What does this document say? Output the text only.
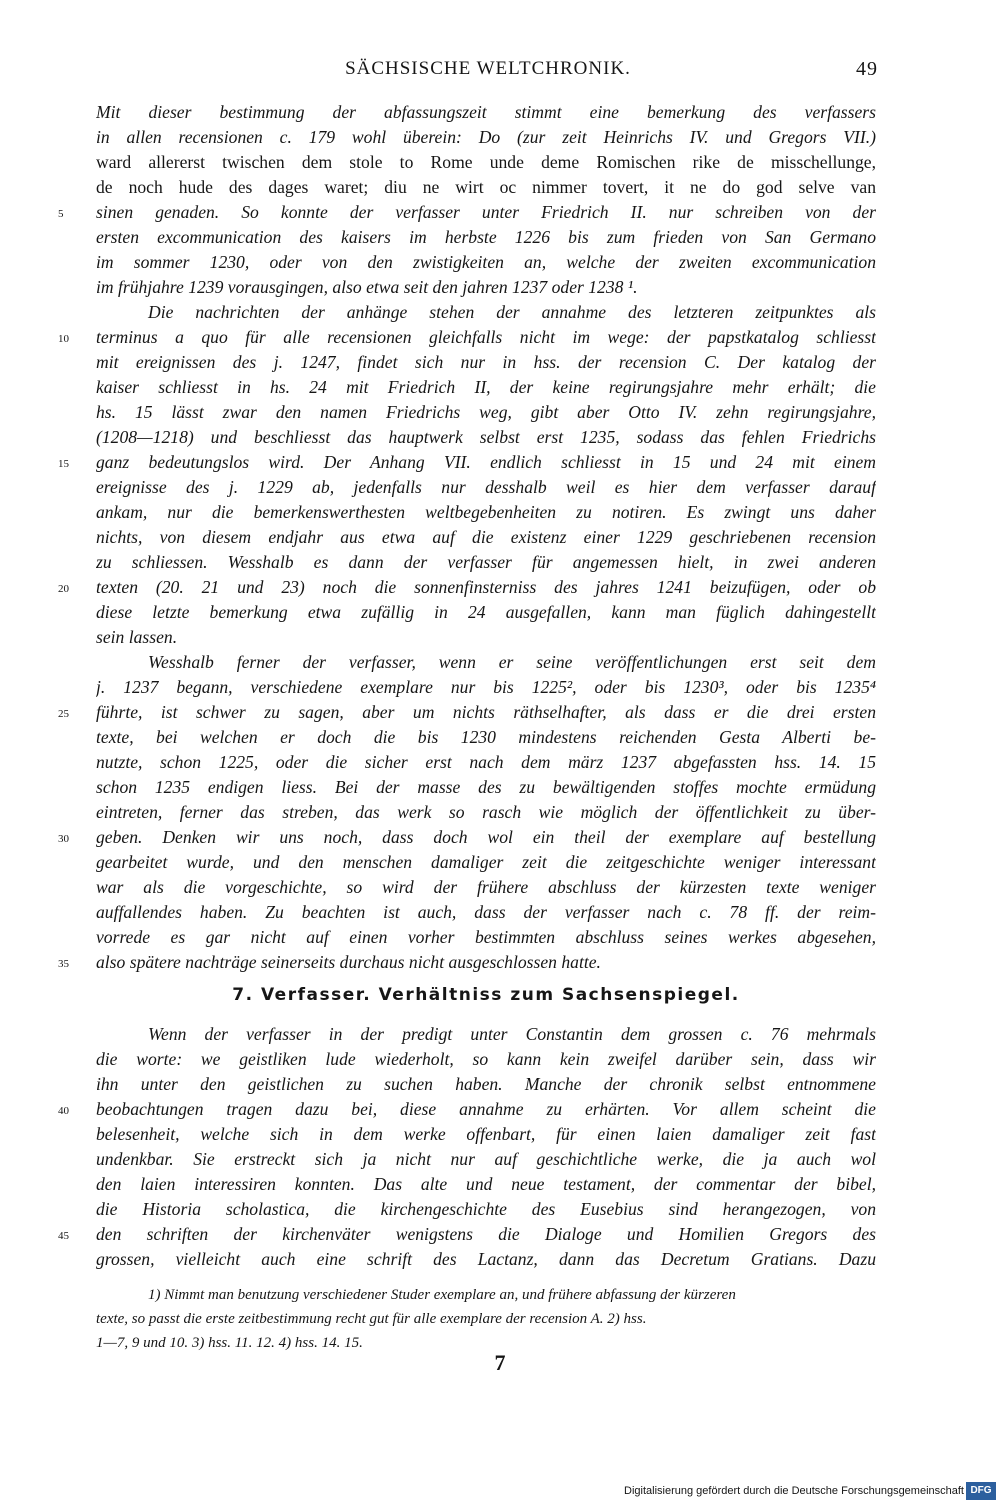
SÄCHSISCHE WELTCHRONIK.	49
Mit dieser bestimmung der abfassungszeit stimmt eine bemerkung des verfassers
in allen recensionen c. 179 wohl überein: Do (zur zeit Heinrichs IV. und Gregors VII.)
ward allererst twischen dem stole to Rome unde deme Romischen rike de misschellunge,
de noch hude des dages waret; diu ne wirt oc nimmer tovert, it ne do god selve van
sinen genaden. So konnte der verfasser unter Friedrich II. nur schreiben von der
ersten excommunication des kaisers im herbste 1226 bis zum frieden von San Germano
im sommer 1230, oder von den zwistigkeiten an, welche der zweiten excommunication
im frühjahre 1239 vorausgingen, also etwa seit den jahren 1237 oder 1238 ¹.
Die nachrichten der anhänge stehen der annahme des letzteren zeitpunktes als
terminus a quo für alle recensionen gleichfalls nicht im wege: der papstkatalog schliesst
mit ereignissen des j. 1247, findet sich nur in hss. der recension C. Der katalog der
kaiser schliesst in hs. 24 mit Friedrich II, der keine regirungsjahre mehr erhält; die
hs. 15 lässt zwar den namen Friedrichs weg, gibt aber Otto IV. zehn regirungsjahre,
(1208—1218) und beschliesst das hauptwerk selbst erst 1235, sodass das fehlen Friedrichs
ganz bedeutungslos wird. Der Anhang VII. endlich schliesst in 15 und 24 mit einem
ereignisse des j. 1229 ab, jedenfalls nur desshalb weil es hier dem verfasser darauf
ankam, nur die bemerkenswerthesten weltbegebenheiten zu notiren. Es zwingt uns daher
nichts, von diesem endjahr aus etwa auf die existenz einer 1229 geschriebenen recension
zu schliessen. Wesshalb es dann der verfasser für angemessen hielt, in zwei anderen
texten (20. 21 und 23) noch die sonnenfinsterniss des jahres 1241 beizufügen, oder ob
diese letzte bemerkung etwa zufällig in 24 ausgefallen, kann man füglich dahingestellt
sein lassen.
Wesshalb ferner der verfasser, wenn er seine veröffentlichungen erst seit dem
j. 1237 begann, verschiedene exemplare nur bis 1225², oder bis 1230³, oder bis 1235⁴
führte, ist schwer zu sagen, aber um nichts räthselhafter, als dass er die drei ersten
texte, bei welchen er doch die bis 1230 mindestens reichenden Gesta Alberti be-
nutzte, schon 1225, oder die sicher erst nach dem märz 1237 abgefassten hss. 14. 15
schon 1235 endigen liess. Bei der masse des zu bewältigenden stoffes mochte ermüdung
eintreten, ferner das streben, das werk so rasch wie möglich der öffentlichkeit zu über-
geben. Denken wir uns noch, dass doch wol ein theil der exemplare auf bestellung
gearbeitet wurde, und den menschen damaliger zeit die zeitgeschichte weniger interessant
war als die vorgeschichte, so wird der frühere abschluss der kürzesten texte weniger
auffallendes haben. Zu beachten ist auch, dass der verfasser nach c. 78 ff. der reim-
vorrede es gar nicht auf einen vorher bestimmten abschluss seines werkes abgesehen,
also spätere nachträge seinerseits durchaus nicht ausgeschlossen hatte.
7. Verfasser. Verhältniss zum Sachsenspiegel.
Wenn der verfasser in der predigt unter Constantin dem grossen c. 76 mehrmals
die worte: we geistliken lude wiederholt, so kann kein zweifel darüber sein, dass wir
ihn unter den geistlichen zu suchen haben. Manche der chronik selbst entnommene
beobachtungen tragen dazu bei, diese annahme zu erhärten. Vor allem scheint die
belesenheit, welche sich in dem werke offenbart, für einen laien damaliger zeit fast
undenkbar. Sie erstreckt sich ja nicht nur auf geschichtliche werke, die ja auch wol
den laien interessiren konnten. Das alte und neue testament, der commentar der bibel,
die Historia scholastica, die kirchengeschichte des Eusebius sind herangezogen, von
den schriften der kirchenväter wenigstens die Dialoge und Homilien Gregors des
grossen, vielleicht auch eine schrift des Lactanz, dann das Decretum Gratians. Dazu
5
10
15
20
25
30
35
40
45
1) Nimmt man benutzung verschiedener Studer exemplare an, und frühere abfassung der kürzeren
texte, so passt die erste zeitbestimmung recht gut für alle exemplare der recension A. 2) hss.
1—7, 9 und 10. 3) hss. 11. 12. 4) hss. 14. 15.
7
Digitalisierung gefördert durch die Deutsche Forschungsgemeinschaft DFG
